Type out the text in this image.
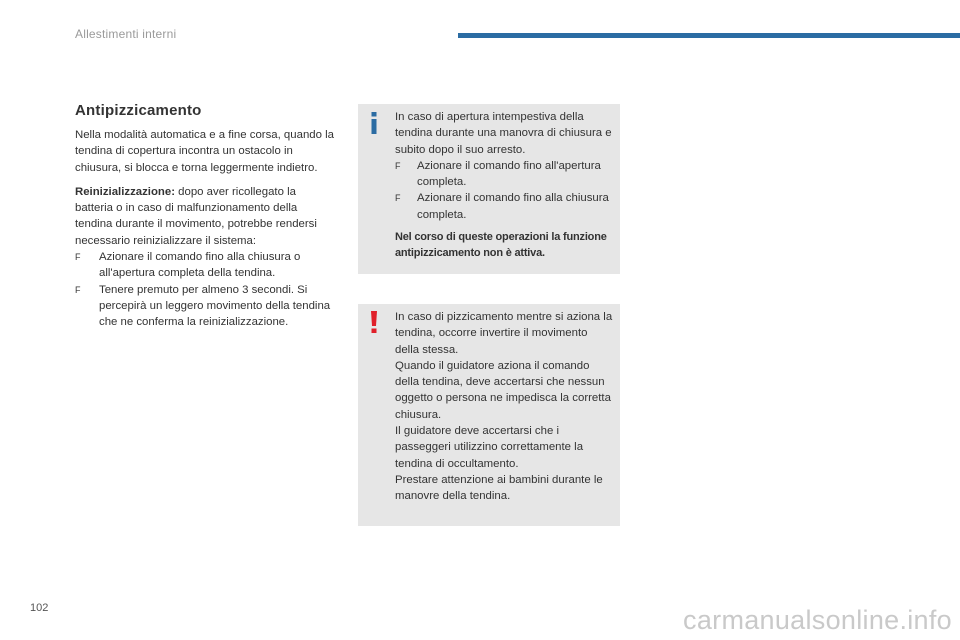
Allestimenti interni
Antipizzicamento

Nella modalità automatica e a fine corsa, quando la tendina di copertura incontra un ostacolo in chiusura, si blocca e torna leggermente indietro.

Reinizializzazione: dopo aver ricollegato la batteria o in caso di malfunzionamento della tendina durante il movimento, potrebbe rendersi necessario reinizializzare il sistema:

F Azionare il comando fino alla chiusura o all'apertura completa della tendina.
F Tenere premuto per almeno 3 secondi. Si percepirà un leggero movimento della tendina che ne conferma la reinizializzazione.

In caso di apertura intempestiva della tendina durante una manovra di chiusura e subito dopo il suo arresto.

F Azionare il comando fino all'apertura completa.
F Azionare il comando fino alla chiusura completa.

Nel corso di queste operazioni la funzione antipizzicamento non è attiva.

In caso di pizzicamento mentre si aziona la tendina, occorre invertire il movimento della stessa.
Quando il guidatore aziona il comando della tendina, deve accertarsi che nessun oggetto o persona ne impedisca la corretta chiusura.
Il guidatore deve accertarsi che i passeggeri utilizzino correttamente la tendina di occultamento.
Prestare attenzione ai bambini durante le manovre della tendina.
102	carmanualsonline.info
